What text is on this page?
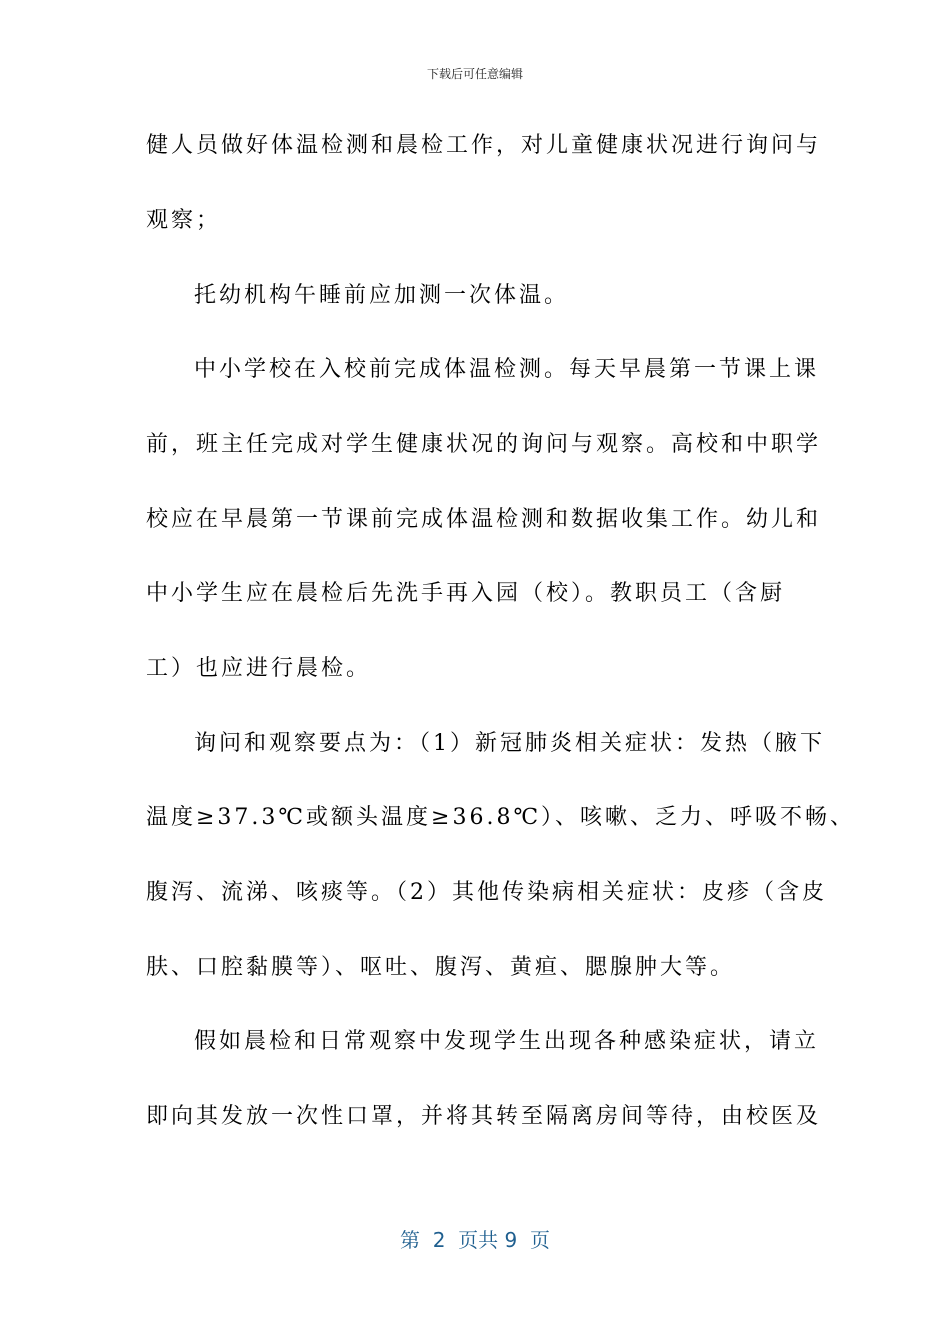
下载后可任意编辑
健人员做好体温检测和晨检工作，对儿童健康状况进行询问与
观察；
托幼机构午睡前应加测一次体温。
中小学校在入校前完成体温检测。每天早晨第一节课上课
前，班主任完成对学生健康状况的询问与观察。高校和中职学
校应在早晨第一节课前完成体温检测和数据收集工作。幼儿和
中小学生应在晨检后先洗手再入园（校）。教职员工（含厨
工）也应进行晨检。
询问和观察要点为：（1）新冠肺炎相关症状：发热（腋下
温度≥37.3℃或额头温度≥36.8℃）、咳嗽、乏力、呼吸不畅、
腹泻、流涕、咳痰等。（2）其他传染病相关症状：皮疹（含皮
肤、口腔黏膜等）、呕吐、腹泻、黄疸、腮腺肿大等。
假如晨检和日常观察中发现学生出现各种感染症状，请立
即向其发放一次性口罩，并将其转至隔离房间等待，由校医及
第  2  页共 9  页
